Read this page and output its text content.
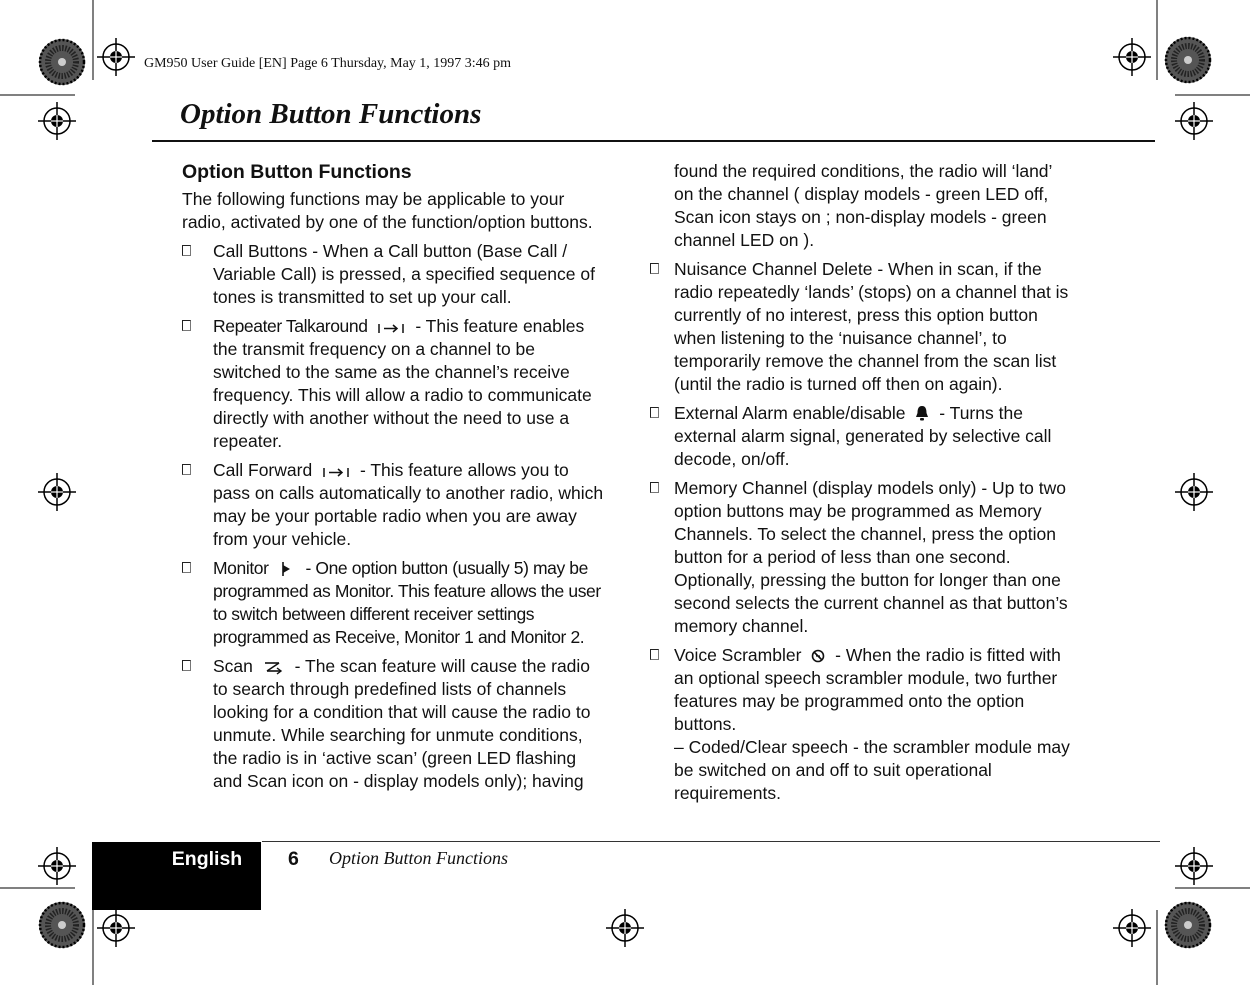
GM950 User Guide [EN] Page 6 Thursday, May 1, 1997 3:46 pm
Option Button Functions
Option Button Functions
The following functions may be applicable to your radio, activated by one of the function/option buttons.
Call Buttons - When a Call button (Base Call / Variable Call) is pressed, a specified sequence of tones is transmitted to set up your call.
Repeater Talkaround	- This feature enables the transmit frequency on a channel to be switched to the same as the channel’s receive frequency. This will allow a radio to communicate directly with another without the need to use a repeater.
Call Forward	- This feature allows you to pass on calls automatically to another radio, which may be your portable radio when you are away from your vehicle.
Monitor - One option button (usually 5) may be programmed as Monitor. This feature allows the user to switch between different receiver settings programmed as Receive, Monitor 1 and Monitor 2.
Scan - The scan feature will cause the radio to search through predefined lists of channels looking for a condition that will cause the radio to unmute. While searching for unmute conditions, the radio is in ‘active scan’ (green LED flashing and Scan icon on - display models only); having
found the required conditions, the radio will ‘land’ on the channel ( display models - green LED off, Scan icon stays on ; non-display models - green channel LED on ).
Nuisance Channel Delete - When in scan, if the radio repeatedly ‘lands’ (stops) on a channel that is currently of no interest, press this option button when listening to the ‘nuisance channel’, to temporarily remove the channel from the scan list (until the radio is turned off then on again).
External Alarm enable/disable - Turns the external alarm signal, generated by selective call decode, on/off.
Memory Channel (display models only) - Up to two option buttons may be programmed as Memory Channels. To select the channel, press the option button for a period of less than one second. Optionally, pressing the button for longer than one second selects the current channel as that button’s memory channel.
Voice Scrambler - When the radio is fitted with an optional speech scrambler module, two further features may be programmed onto the option buttons.
– Coded/Clear speech - the scrambler module may be switched on and off to suit operational requirements.
English	6 Option Button Functions
